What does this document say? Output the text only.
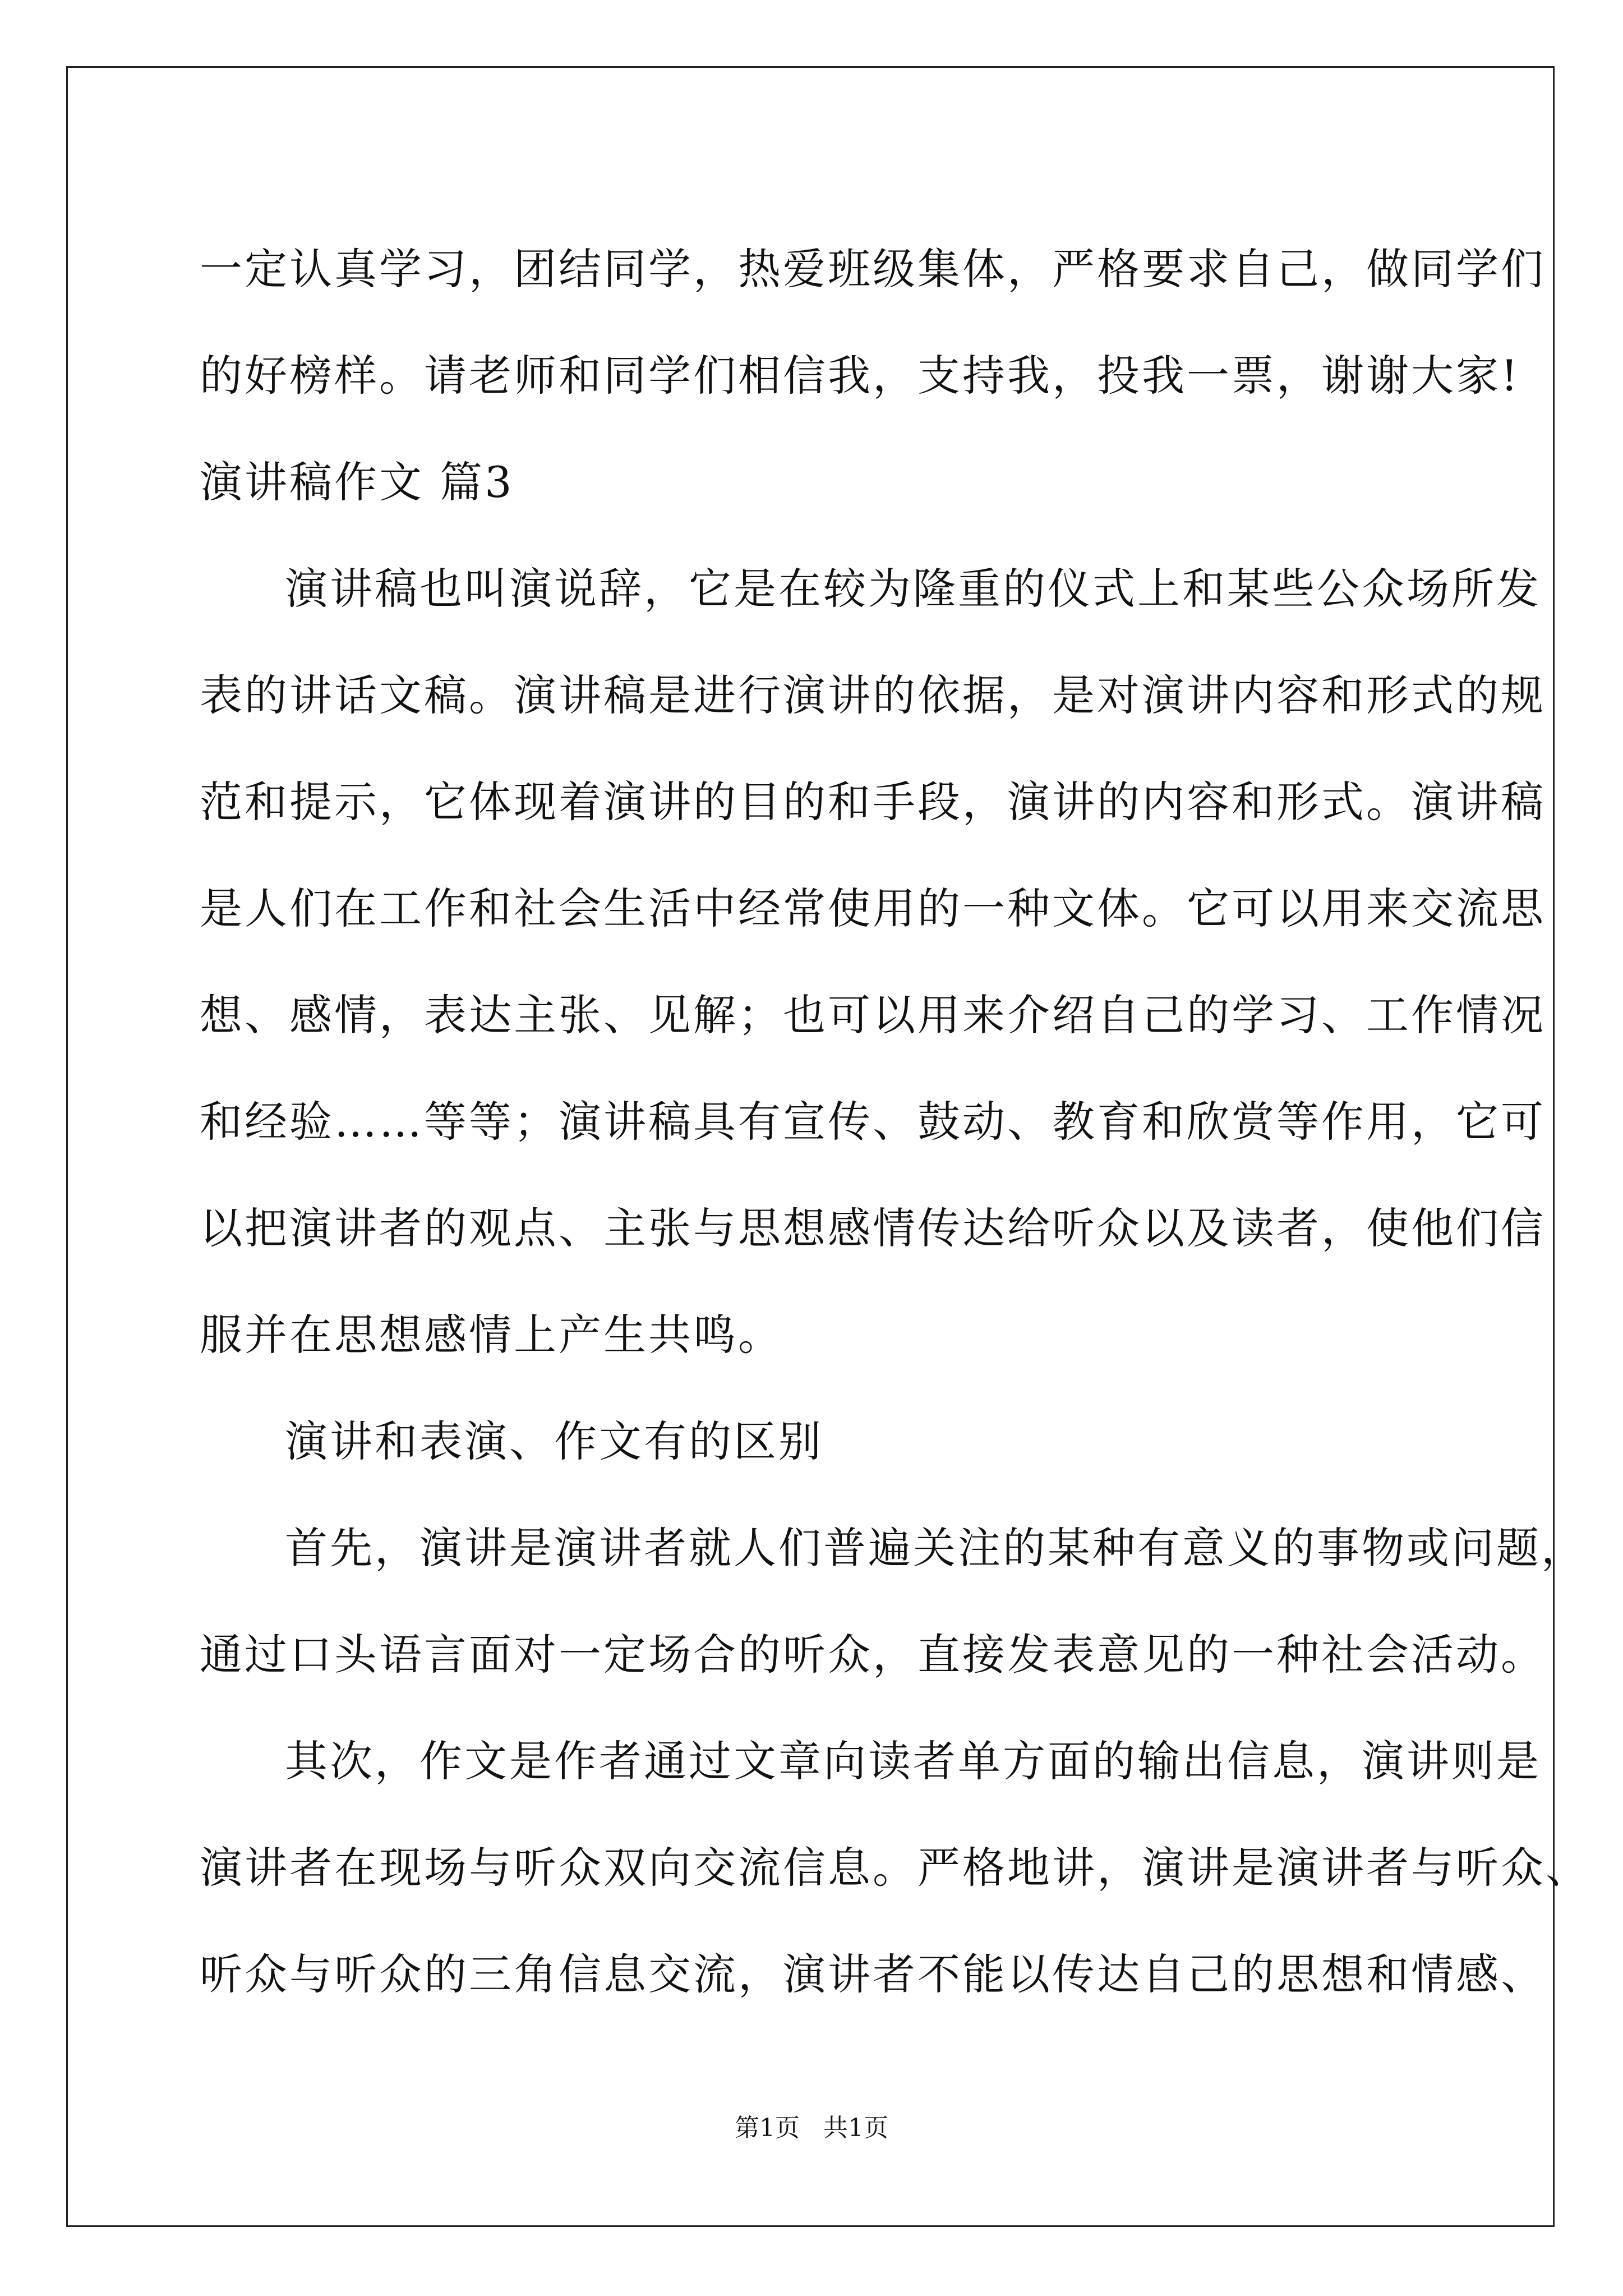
一定认真学习，团结同学，热爱班级集体，严格要求自己，做同学们
的好榜样。请老师和同学们相信我，支持我，投我一票，谢谢大家!
演讲稿作文 篇3
演讲稿也叫演说辞，它是在较为隆重的仪式上和某些公众场所发
表的讲话文稿。演讲稿是进行演讲的依据，是对演讲内容和形式的规
范和提示，它体现着演讲的目的和手段，演讲的内容和形式。演讲稿
是人们在工作和社会生活中经常使用的一种文体。它可以用来交流思
想、感情，表达主张、见解；也可以用来介绍自己的学习、工作情况
和经验……等等；演讲稿具有宣传、鼓动、教育和欣赏等作用，它可
以把演讲者的观点、主张与思想感情传达给听众以及读者，使他们信
服并在思想感情上产生共鸣。
演讲和表演、作文有的区别
首先，演讲是演讲者就人们普遍关注的某种有意义的事物或问题，
通过口头语言面对一定场合的听众，直接发表意见的一种社会活动。
其次，作文是作者通过文章向读者单方面的输出信息，演讲则是
演讲者在现场与听众双向交流信息。严格地讲，演讲是演讲者与听众、
听众与听众的三角信息交流，演讲者不能以传达自己的思想和情感、
第1页   共1页
